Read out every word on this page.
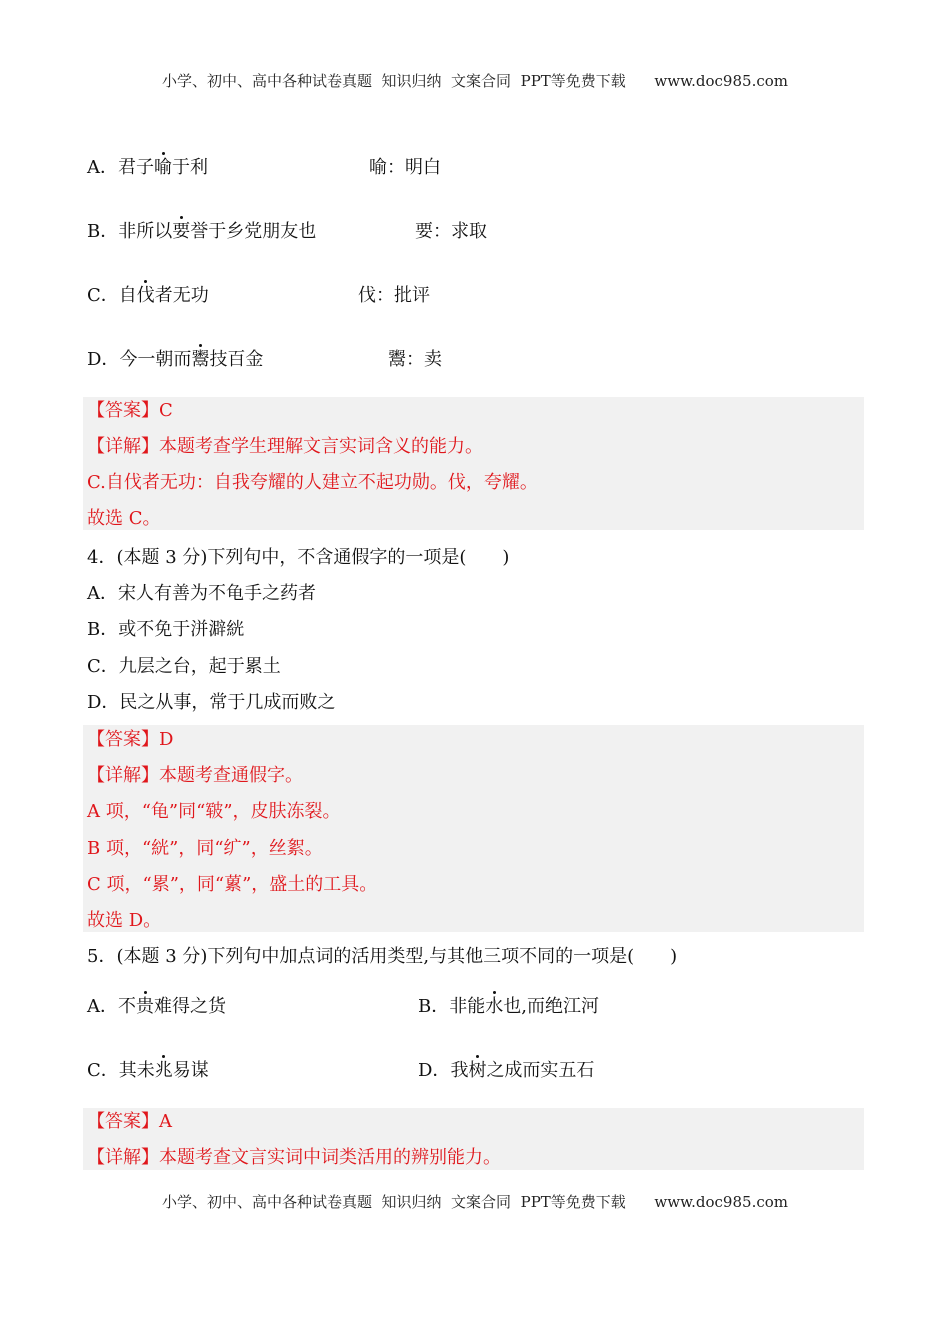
小学、初中、高中各种试卷真题  知识归纳  文案合同  PPT等免费下载      www.doc985.com
A．君子喻于利	喻：明白
B．非所以要誉于乡党朋友也	要：求取
C．自伐者无功	伐：批评
D．今一朝而鬻技百金	鬻：卖
【答案】C
【详解】本题考查学生理解文言实词含义的能力。
C.自伐者无功：自我夸耀的人建立不起功勋。伐，夸耀。
故选 C。
4．(本题 3 分)下列句中，不含通假字的一项是(　　)
A．宋人有善为不龟手之药者
B．或不免于洴澼絖
C．九层之台，起于累土
D．民之从事，常于几成而败之
【答案】D
【详解】本题考查通假字。
A 项，“龟”同“皲”，皮肤冻裂。
B 项，“絖”，同“纩”，丝絮。
C 项，“累”，同“蔂”，盛土的工具。
故选 D。
5．(本题 3 分)下列句中加点词的活用类型,与其他三项不同的一项是(　　)
A．不贵难得之货	B．非能水也,而绝江河
C．其未兆易谋	D．我树之成而实五石
【答案】A
【详解】本题考查文言实词中词类活用的辨别能力。
小学、初中、高中各种试卷真题  知识归纳  文案合同  PPT等免费下载      www.doc985.com
